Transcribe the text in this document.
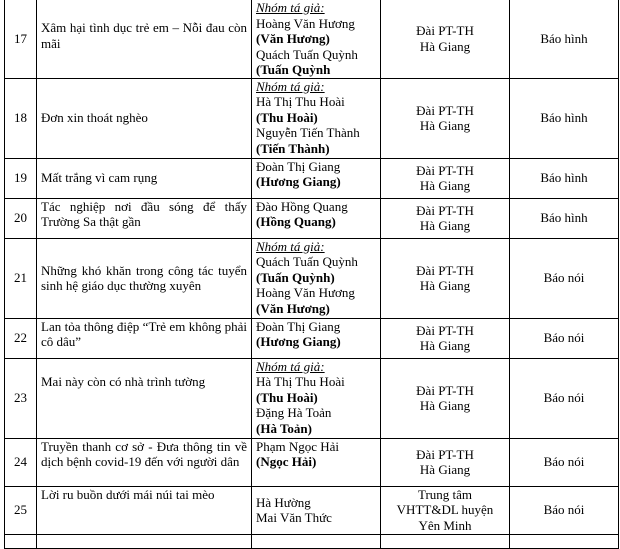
17	Xâm hại tình dục trẻ em – Nỗi đau còn mãi	Nhóm tá giả:
Hoàng Văn Hương
(Văn Hương)
Quách Tuấn Quỳnh
(Tuấn Quỳnh	Đài PT-TH
Hà Giang	Báo hình
18	Đơn xin thoát nghèo	Nhóm tá giả:
Hà Thị Thu Hoài
(Thu Hoài)
Nguyễn Tiến Thành
(Tiến Thành)	Đài PT-TH
Hà Giang	Báo hình
19	Mất trắng vì cam rụng	Đoàn Thị Giang
(Hương Giang)	Đài PT-TH
Hà Giang	Báo hình
20	Tác nghiệp nơi đầu sóng để thấy Trường Sa thật gần	Đào Hồng Quang
(Hồng Quang)	Đài PT-TH
Hà Giang	Báo hình
21	Những khó khăn trong công tác tuyển sinh hệ giáo dục thường xuyên	Nhóm tá giả:
Quách Tuấn Quỳnh
(Tuấn Quỳnh)
Hoàng Văn Hương
(Văn Hương)	Đài PT-TH
Hà Giang	Báo nói
22	Lan tỏa thông điệp “Trẻ em không phải cô dâu”	Đoàn Thị Giang
(Hương Giang)	Đài PT-TH
Hà Giang	Báo nói
23	Mai này còn có nhà trình tường	Nhóm tá giả:
Hà Thị Thu Hoài
(Thu Hoài)
Đặng Hà Toản
(Hà Toản)	Đài PT-TH
Hà Giang	Báo nói
24	Truyền thanh cơ sở - Đưa thông tin về dịch bệnh covid-19 đến với người dân	Phạm Ngọc Hải
(Ngọc Hải)	Đài PT-TH
Hà Giang	Báo nói
25	Lời ru buồn dưới mái núi tai mèo	Hà Hường
Mai Văn Thức	Trung tâm
VHTT&DL huyện
Yên Minh	Báo nói
